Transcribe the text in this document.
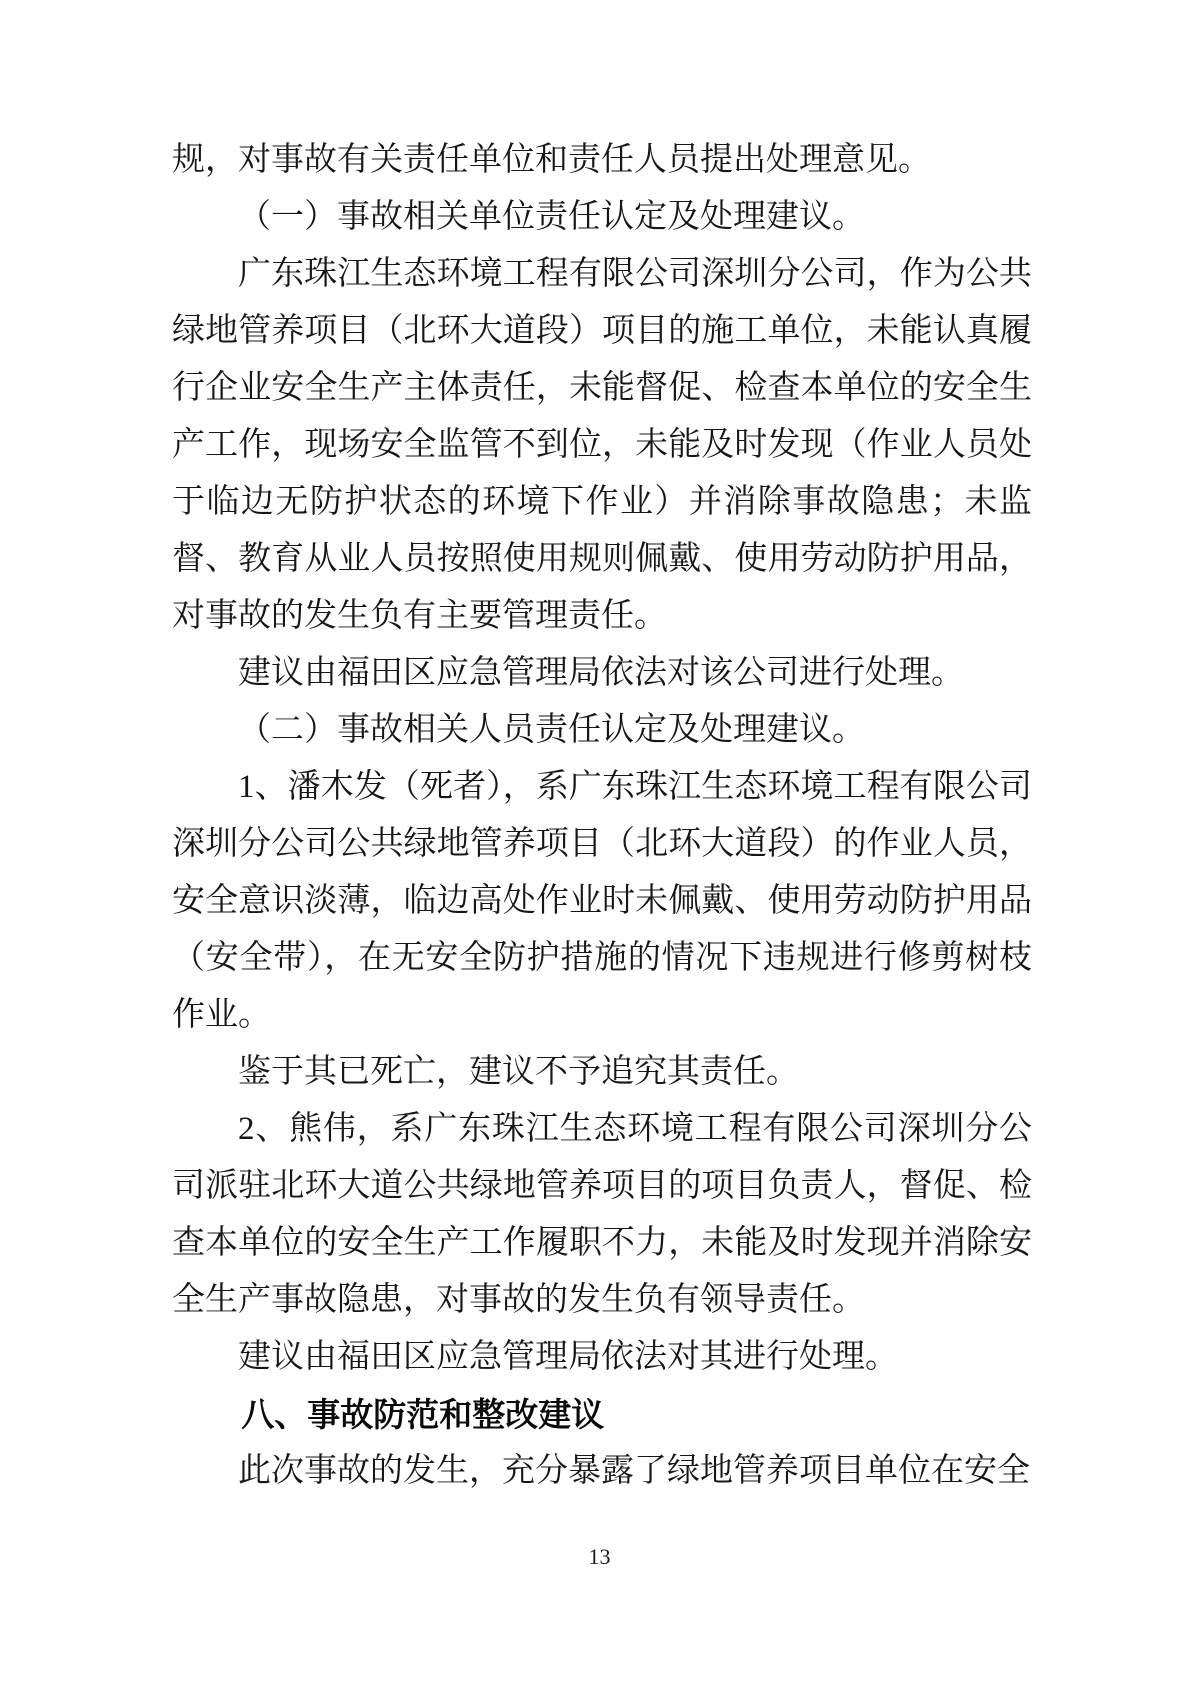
规，对事故有关责任单位和责任人员提出处理意见。

（一）事故相关单位责任认定及处理建议。

广东珠江生态环境工程有限公司深圳分公司，作为公共绿地管养项目（北环大道段）项目的施工单位，未能认真履行企业安全生产主体责任，未能督促、检查本单位的安全生产工作，现场安全监管不到位，未能及时发现（作业人员处于临边无防护状态的环境下作业）并消除事故隐患；未监督、教育从业人员按照使用规则佩戴、使用劳动防护用品，对事故的发生负有主要管理责任。

建议由福田区应急管理局依法对该公司进行处理。

（二）事故相关人员责任认定及处理建议。

1、潘木发（死者），系广东珠江生态环境工程有限公司深圳分公司公共绿地管养项目（北环大道段）的作业人员，安全意识淡薄，临边高处作业时未佩戴、使用劳动防护用品（安全带），在无安全防护措施的情况下违规进行修剪树枝作业。

鉴于其已死亡，建议不予追究其责任。

2、熊伟，系广东珠江生态环境工程有限公司深圳分公司派驻北环大道公共绿地管养项目的项目负责人，督促、检查本单位的安全生产工作履职不力，未能及时发现并消除安全生产事故隐患，对事故的发生负有领导责任。

建议由福田区应急管理局依法对其进行处理。

八、事故防范和整改建议

此次事故的发生，充分暴露了绿地管养项目单位在安全

13
